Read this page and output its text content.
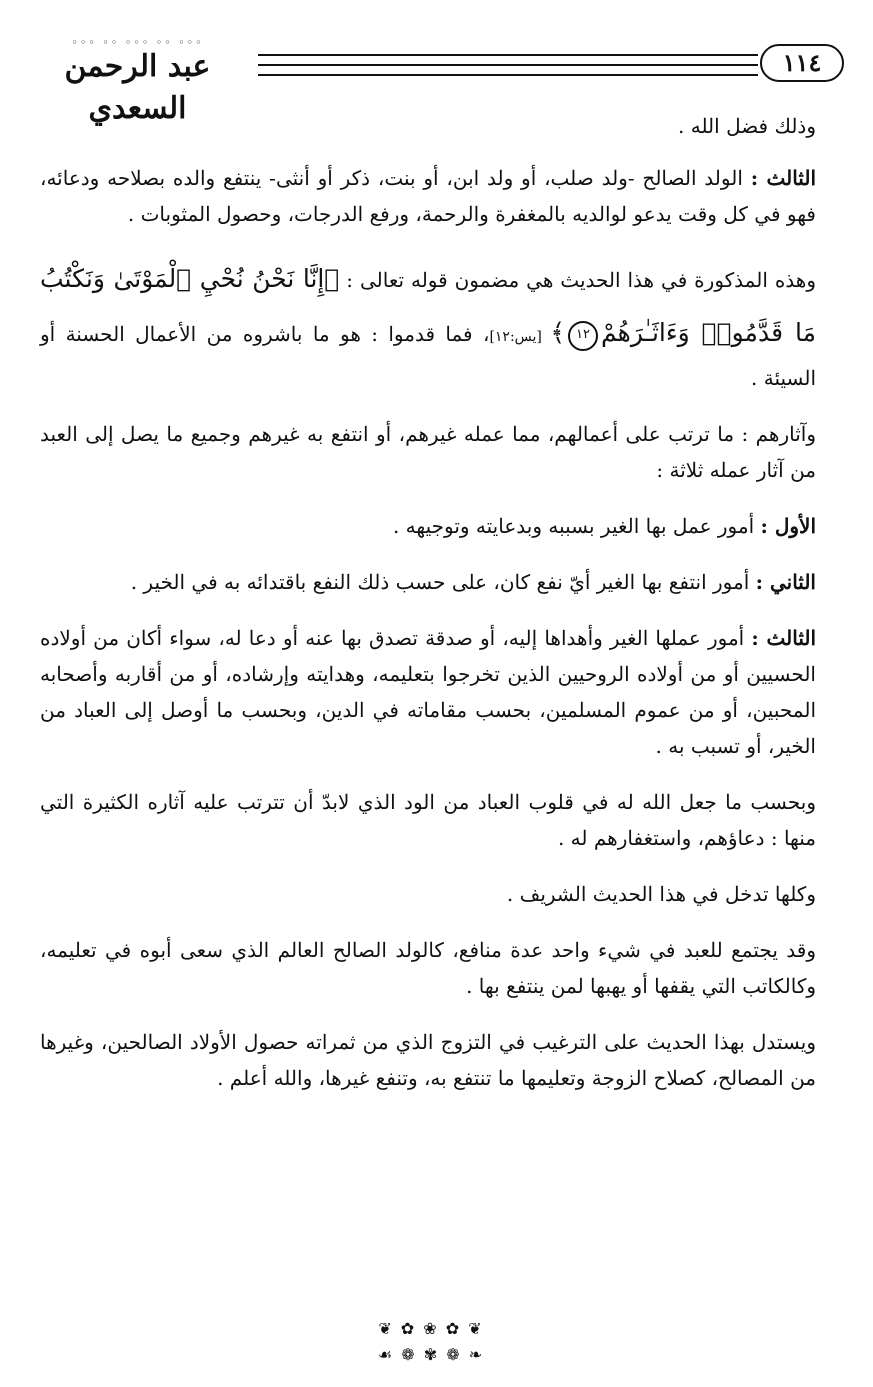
١١٤
عبد الرحمن السعدي
◦◦◦ ◦◦ ◦◦◦ ◦◦ ◦◦◦

وذلك فضل الله .

الثالث : الولد الصالح -ولد صلب، أو ولد ابن، أو بنت، ذكر أو أنثى- ينتفع والده بصلاحه ودعائه، فهو في كل وقت يدعو لوالديه بالمغفرة والرحمة، ورفع الدرجات، وحصول المثوبات .

وهذه المذكورة في هذا الحديث هي مضمون قوله تعالى : ﴿إِنَّا نَحْنُ نُحْيِ ٱلْمَوْتَىٰ وَنَكْتُبُ مَا قَدَّمُوا۟ وَءَاثَـٰرَهُمْ١٢﴾ [يس:١٢]، فما قدموا : هو ما باشروه من الأعمال الحسنة أو السيئة .

وآثارهم : ما ترتب على أعمالهم، مما عمله غيرهم، أو انتفع به غيرهم وجميع ما يصل إلى العبد من آثار عمله ثلاثة :

الأول : أمور عمل بها الغير بسببه وبدعايته وتوجيهه .

الثاني : أمور انتفع بها الغير أيّ نفع كان، على حسب ذلك النفع باقتدائه به في الخير .

الثالث : أمور عملها الغير وأهداها إليه، أو صدقة تصدق بها عنه أو دعا له، سواء أكان من أولاده الحسيين أو من أولاده الروحيين الذين تخرجوا بتعليمه، وهدايته وإرشاده، أو من أقاربه وأصحابه المحبين، أو من عموم المسلمين، بحسب مقاماته في الدين، وبحسب ما أوصل إلى العباد من الخير، أو تسبب به .

وبحسب ما جعل الله له في قلوب العباد من الود الذي لابدّ أن تترتب عليه آثاره الكثيرة التي منها : دعاؤهم، واستغفارهم له .

وكلها تدخل في هذا الحديث الشريف .

وقد يجتمع للعبد في شيء واحد عدة منافع، كالولد الصالح العالم الذي سعى أبوه في تعليمه، وكالكاتب التي يقفها أو يهبها لمن ينتفع بها .

ويستدل بهذا الحديث على الترغيب في التزوج الذي من ثمراته حصول الأولاد الصالحين، وغيرها من المصالح، كصلاح الزوجة وتعليمها ما تنتفع به، وتنفع غيرها، والله أعلم .

❦ ✿ ❀ ✿ ❦
❧ ❁ ✾ ❁ ☙
